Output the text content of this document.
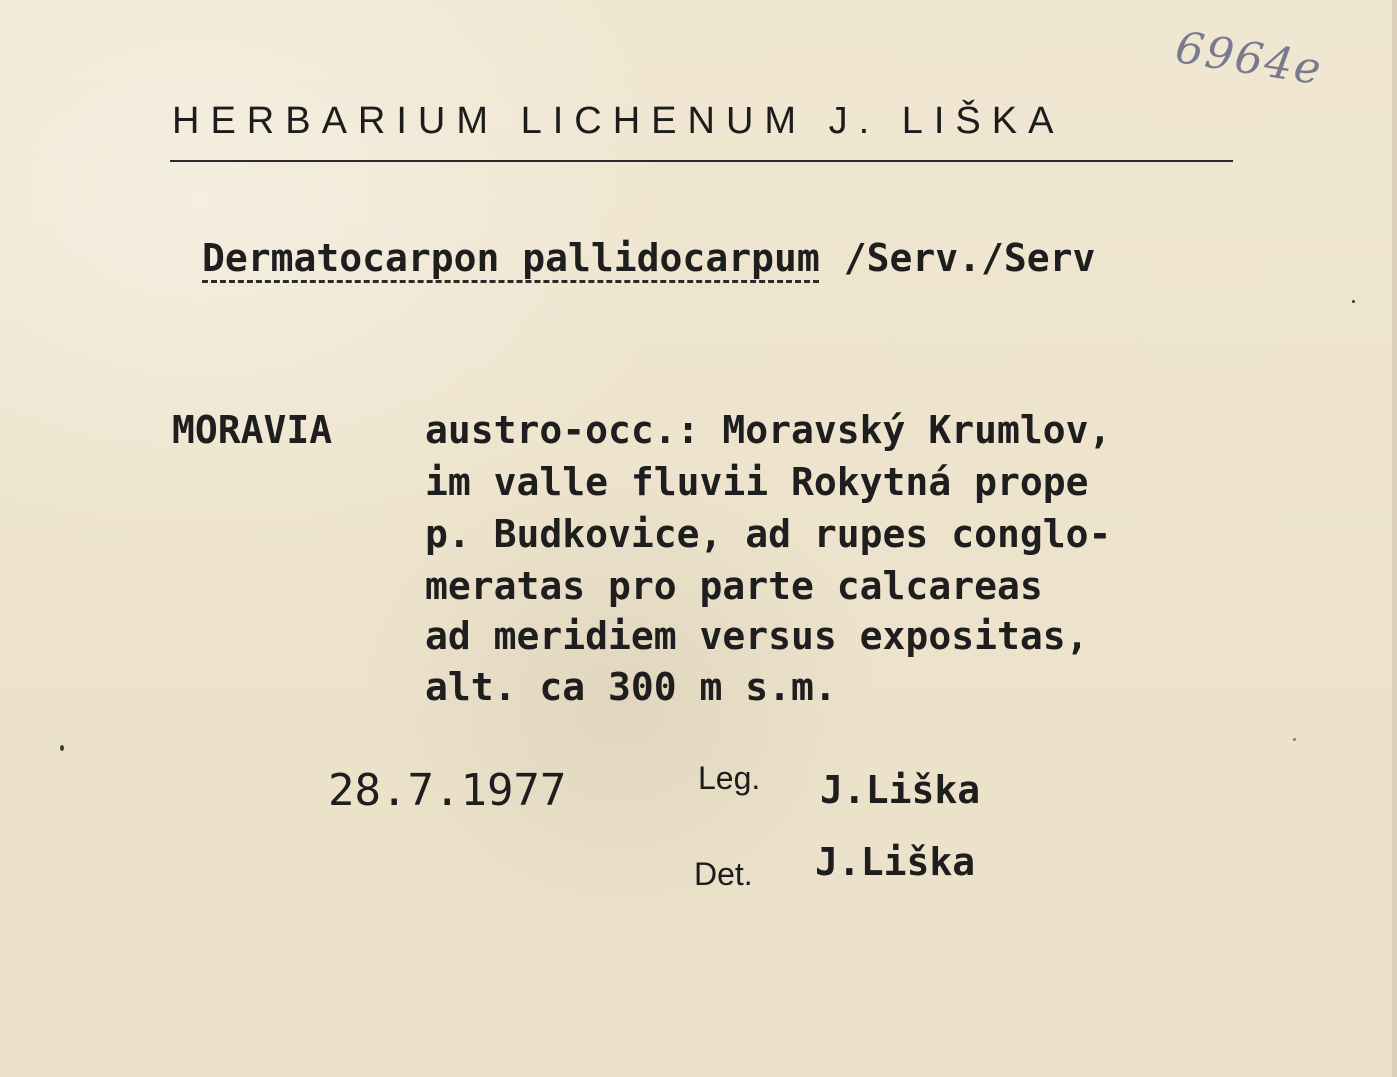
6964e
HERBARIUM LICHENUM J. LIŠKA
Dermatocarpon pallidocarpum /Serv./Serv
MORAVIA austro-occ.: Moravský Krumlov,
im valle fluvii Rokytná prope
p. Budkovice, ad rupes conglo-
meratas pro parte calcareas
ad meridiem versus expositas,
alt. ca 300 m s.m.
28.7.1977	Leg. J.Liška
Det. J.Liška
